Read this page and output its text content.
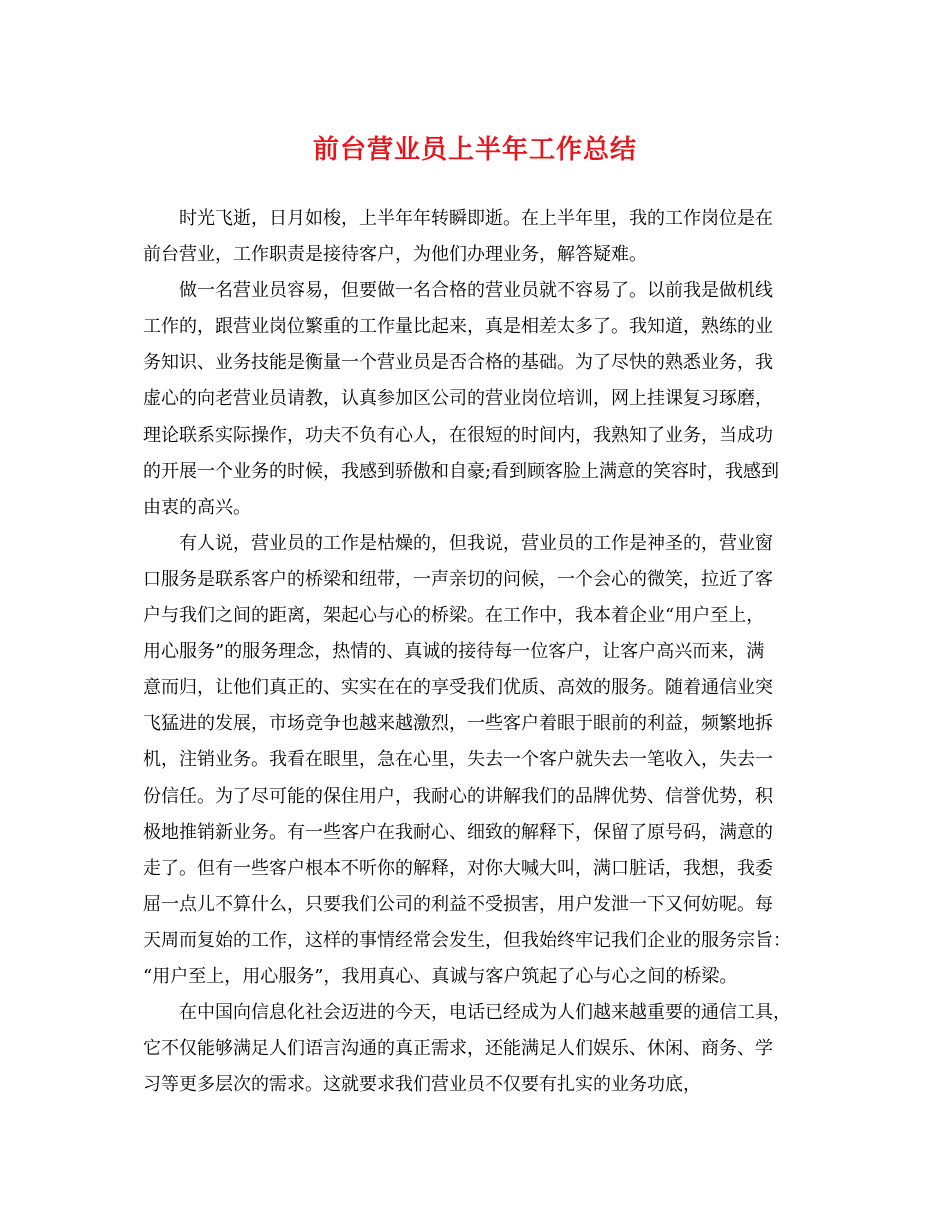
前台营业员上半年工作总结

时光飞逝，日月如梭，上半年年转瞬即逝。在上半年里，我的工作岗位是在
前台营业，工作职责是接待客户，为他们办理业务，解答疑难。

做一名营业员容易，但要做一名合格的营业员就不容易了。以前我是做机线
工作的，跟营业岗位繁重的工作量比起来，真是相差太多了。我知道，熟练的业
务知识、业务技能是衡量一个营业员是否合格的基础。为了尽快的熟悉业务，我
虚心的向老营业员请教，认真参加区公司的营业岗位培训，网上挂课复习琢磨，
理论联系实际操作，功夫不负有心人，在很短的时间内，我熟知了业务，当成功
的开展一个业务的时候，我感到骄傲和自豪;看到顾客脸上满意的笑容时，我感到
由衷的高兴。

有人说，营业员的工作是枯燥的，但我说，营业员的工作是神圣的，营业窗
口服务是联系客户的桥梁和纽带，一声亲切的问候，一个会心的微笑，拉近了客
户与我们之间的距离，架起心与心的桥梁。在工作中，我本着企业“用户至上，
用心服务”的服务理念，热情的、真诚的接待每一位客户，让客户高兴而来，满
意而归，让他们真正的、实实在在的享受我们优质、高效的服务。随着通信业突
飞猛进的发展，市场竞争也越来越激烈，一些客户着眼于眼前的利益，频繁地拆
机，注销业务。我看在眼里，急在心里，失去一个客户就失去一笔收入，失去一
份信任。为了尽可能的保住用户，我耐心的讲解我们的品牌优势、信誉优势，积
极地推销新业务。有一些客户在我耐心、细致的解释下，保留了原号码，满意的
走了。但有一些客户根本不听你的解释，对你大喊大叫，满口脏话，我想，我委
屈一点儿不算什么，只要我们公司的利益不受损害，用户发泄一下又何妨呢。每
天周而复始的工作，这样的事情经常会发生，但我始终牢记我们企业的服务宗旨：
“用户至上，用心服务”，我用真心、真诚与客户筑起了心与心之间的桥梁。

在中国向信息化社会迈进的今天，电话已经成为人们越来越重要的通信工具，
它不仅能够满足人们语言沟通的真正需求，还能满足人们娱乐、休闲、商务、学
习等更多层次的需求。这就要求我们营业员不仅要有扎实的业务功底，
